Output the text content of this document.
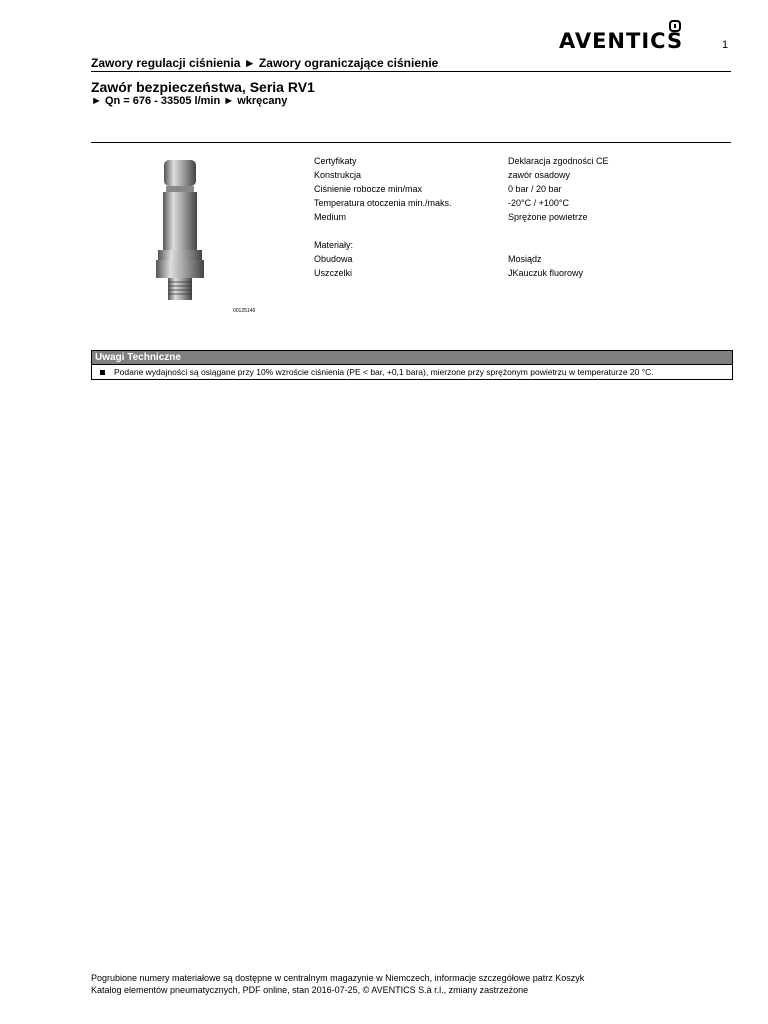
AVENTICS	1
Zawory regulacji ciśnienia ► Zawory ograniczające ciśnienie
Zawór bezpieczeństwa, Seria RV1
► Qn = 676 - 33505 l/min ► wkręcany
00125146
Certyfikaty	Deklaracja zgodności CE
Konstrukcja	zawór osadowy
Ciśnienie robocze min/max	0 bar / 20 bar
Temperatura otoczenia min./maks.	-20°C / +100°C
Medium	Sprężone powietrze
Materiały:
Obudowa	Mosiądz
Uszczelki	JKauczuk fluorowy
Uwagi Techniczne
Podane wydajności są osiągane przy 10% wzroście ciśnienia (PE < bar, +0,1 bara), mierzone przy sprężonym powietrzu w temperaturze 20 °C.
Pogrubione numery materiałowe są dostępne w centralnym magazynie w Niemczech, informacje szczegółowe patrz Koszyk
Katalog elementów pneumatycznych, PDF online, stan 2016-07-25, © AVENTICS S.à r.l., zmiany zastrzeżone
